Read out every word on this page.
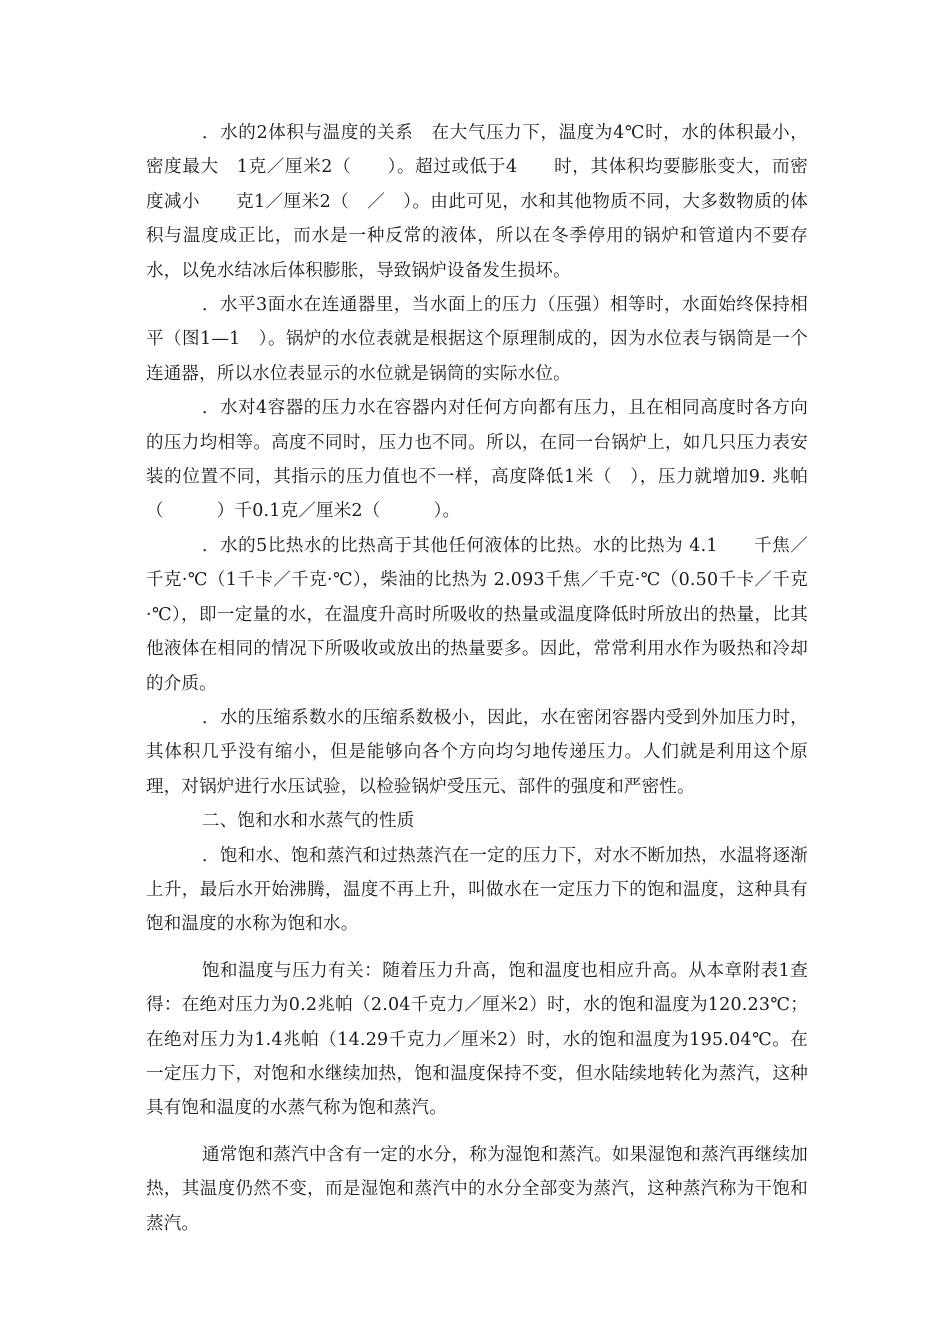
．水的2体积与温度的关系　在大气压力下，温度为4℃时，水的体积最小，密度最大　1克／厘米2（　　）。超过或低于4　　时，其体积均要膨胀变大，而密度减小　　克1／厘米2（　／　）。由此可见，水和其他物质不同，大多数物质的体积与温度成正比，而水是一种反常的液体，所以在冬季停用的锅炉和管道内不要存水，以免水结冰后体积膨胀，导致锅炉设备发生损坏。

．水平3面水在连通器里，当水面上的压力（压强）相等时，水面始终保持相平（图1—1　）。锅炉的水位表就是根据这个原理制成的，因为水位表与锅筒是一个连通器，所以水位表显示的水位就是锅筒的实际水位。

．水对4容器的压力水在容器内对任何方向都有压力，且在相同高度时各方向的压力均相等。高度不同时，压力也不同。所以，在同一台锅炉上，如几只压力表安装的位置不同，其指示的压力值也不一样，高度降低1米（　），压力就增加9. 兆帕（　　　）千0.1克／厘米2（　　　）。

．水的5比热水的比热高于其他任何液体的比热。水的比热为 4.1　　千焦／千克·℃（1千卡／千克·℃），柴油的比热为 2.093千焦／千克·℃（0.50千卡／千克·℃），即一定量的水，在温度升高时所吸收的热量或温度降低时所放出的热量，比其他液体在相同的情况下所吸收或放出的热量要多。因此，常常利用水作为吸热和冷却的介质。

．水的压缩系数水的压缩系数极小，因此，水在密闭容器内受到外加压力时，其体积几乎没有缩小，但是能够向各个方向均匀地传递压力。人们就是利用这个原理，对锅炉进行水压试验，以检验锅炉受压元、部件的强度和严密性。

二、饱和水和水蒸气的性质

．饱和水、饱和蒸汽和过热蒸汽在一定的压力下，对水不断加热，水温将逐渐上升，最后水开始沸腾，温度不再上升，叫做水在一定压力下的饱和温度，这种具有饱和温度的水称为饱和水。

饱和温度与压力有关：随着压力升高，饱和温度也相应升高。从本章附表1查得：在绝对压力为0.2兆帕（2.04千克力／厘米2）时，水的饱和温度为120.23℃；在绝对压力为1.4兆帕（14.29千克力／厘米2）时，水的饱和温度为195.04℃。在一定压力下，对饱和水继续加热，饱和温度保持不变，但水陆续地转化为蒸汽，这种具有饱和温度的水蒸气称为饱和蒸汽。

通常饱和蒸汽中含有一定的水分，称为湿饱和蒸汽。如果湿饱和蒸汽再继续加热，其温度仍然不变，而是湿饱和蒸汽中的水分全部变为蒸汽，这种蒸汽称为干饱和蒸汽。
